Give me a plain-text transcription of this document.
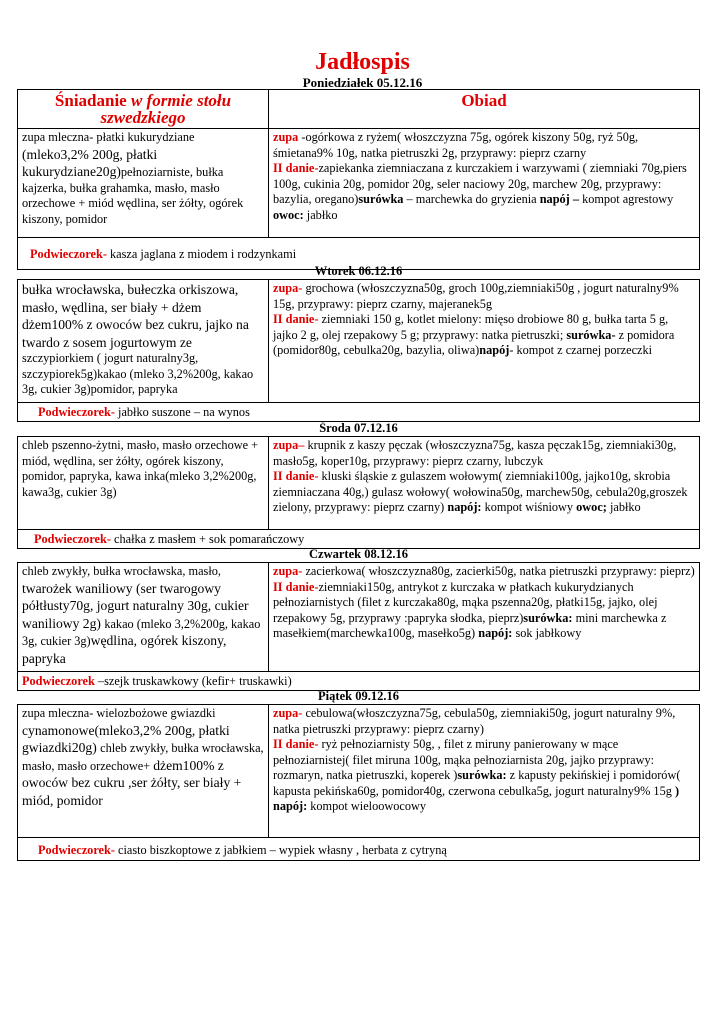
Jadłospis
Poniedziałek 05.12.16
Śniadanie w formie stołu szwedzkiego
Obiad
zupa mleczna- płatki kukurydziane (mleko3,2% 200g, płatki kukurydziane20g)pełnoziarniste, bułka kajzerka, bułka grahamka, masło, masło orzechowe + miód wędlina, ser żółty, ogórek kiszony, pomidor
zupa -ogórkowa z ryżem( włoszczyzna 75g, ogórek kiszony 50g, ryż 50g, śmietana9% 10g, natka pietruszki 2g, przyprawy: pieprz czarny
II danie-zapiekanka ziemniaczana z kurczakiem i warzywami ( ziemniaki 70g,piers 100g, cukinia 20g, pomidor 20g, seler naciowy 20g, marchew 20g, przyprawy: bazylia, oregano)surówka – marchewka do gryzienia napój – kompot agrestowy owoc: jabłko
Podwieczorek- kasza jaglana z miodem i rodzynkami
Wtorek 06.12.16
bułka wrocławska, bułeczka orkiszowa, masło, wędlina, ser biały + dżem dżem100% z owoców bez cukru, jajko na twardo z sosem jogurtowym ze szczypiorkiem ( jogurt naturalny3g, szczypiorek5g)kakao (mleko 3,2%200g, kakao 3g, cukier 3g)pomidor, papryka
zupa- grochowa (włoszczyzna50g, groch 100g,ziemniaki50g , jogurt naturalny9% 15g, przyprawy: pieprz czarny, majeranek5g
II danie- ziemniaki 150 g, kotlet mielony: mięso drobiowe 80 g, bułka tarta 5 g, jajko 2 g, olej rzepakowy 5 g; przyprawy: natka pietruszki; surówka- z pomidora (pomidor80g, cebulka20g, bazylia, oliwa)napój- kompot z czarnej porzeczki
Podwieczorek- jabłko suszone – na wynos
Środa 07.12.16
chleb pszenno-żytni, masło, masło orzechowe + miód, wędlina, ser żółty, ogórek kiszony, pomidor, papryka, kawa inka(mleko 3,2%200g, kawa3g, cukier 3g)
zupa– krupnik z kaszy pęczak (włoszczyzna75g, kasza pęczak15g, ziemniaki30g, masło5g, koper10g, przyprawy: pieprz czarny, lubczyk
II danie- kluski śląskie z gulaszem wołowym( ziemniaki100g, jajko10g, skrobia ziemniaczana 40g,) gulasz wołowy( wołowina50g, marchew50g, cebula20g,groszek zielony, przyprawy: pieprz czarny) napój: kompot wiśniowy owoc; jabłko
Podwieczorek- chałka z masłem + sok pomarańczowy
Czwartek 08.12.16
chleb zwykły, bułka wrocławska, masło, twarożek waniliowy (ser twarogowy półtłusty70g, jogurt naturalny 30g, cukier waniliowy 2g) kakao (mleko 3,2%200g, kakao 3g, cukier 3g)wędlina, ogórek kiszony, papryka
zupa- zacierkowa( włoszczyzna80g, zacierki50g, natka pietruszki przyprawy: pieprz)
II danie-ziemniaki150g, antrykot z kurczaka w płatkach kukurydzianych pełnoziarnistych (filet z kurczaka80g, mąka pszenna20g, płatki15g, jajko, olej rzepakowy 5g, przyprawy :papryka słodka, pieprz)surówka: mini marchewka z masełkiem(marchewka100g, masełko5g) napój: sok jabłkowy
Podwieczorek –szejk truskawkowy (kefir+ truskawki)
Piątek 09.12.16
zupa mleczna- wielozbożowe gwiazdki cynamonowe(mleko3,2% 200g, płatki gwiazdki20g) chleb zwykły, bułka wrocławska, masło, masło orzechowe+ dżem100% z owoców bez cukru ,ser żółty, ser biały + miód, pomidor
zupa- cebulowa(włoszczyzna75g, cebula50g, ziemniaki50g, jogurt naturalny 9%, natka pietruszki przyprawy: pieprz czarny)
II danie- ryż pełnoziarnisty 50g, , filet z miruny panierowany w mące pełnoziarnistej( filet miruna 100g, mąka pełnoziarnista 20g, jajko przyprawy: rozmaryn, natka pietruszki, koperek )surówka: z kapusty pekińskiej i pomidorów( kapusta pekińska60g, pomidor40g, czerwona cebulka5g, jogurt naturalny9% 15g ) napój: kompot wieloowocowy
Podwieczorek- ciasto biszkoptowe z jabłkiem – wypiek własny , herbata z cytryną
